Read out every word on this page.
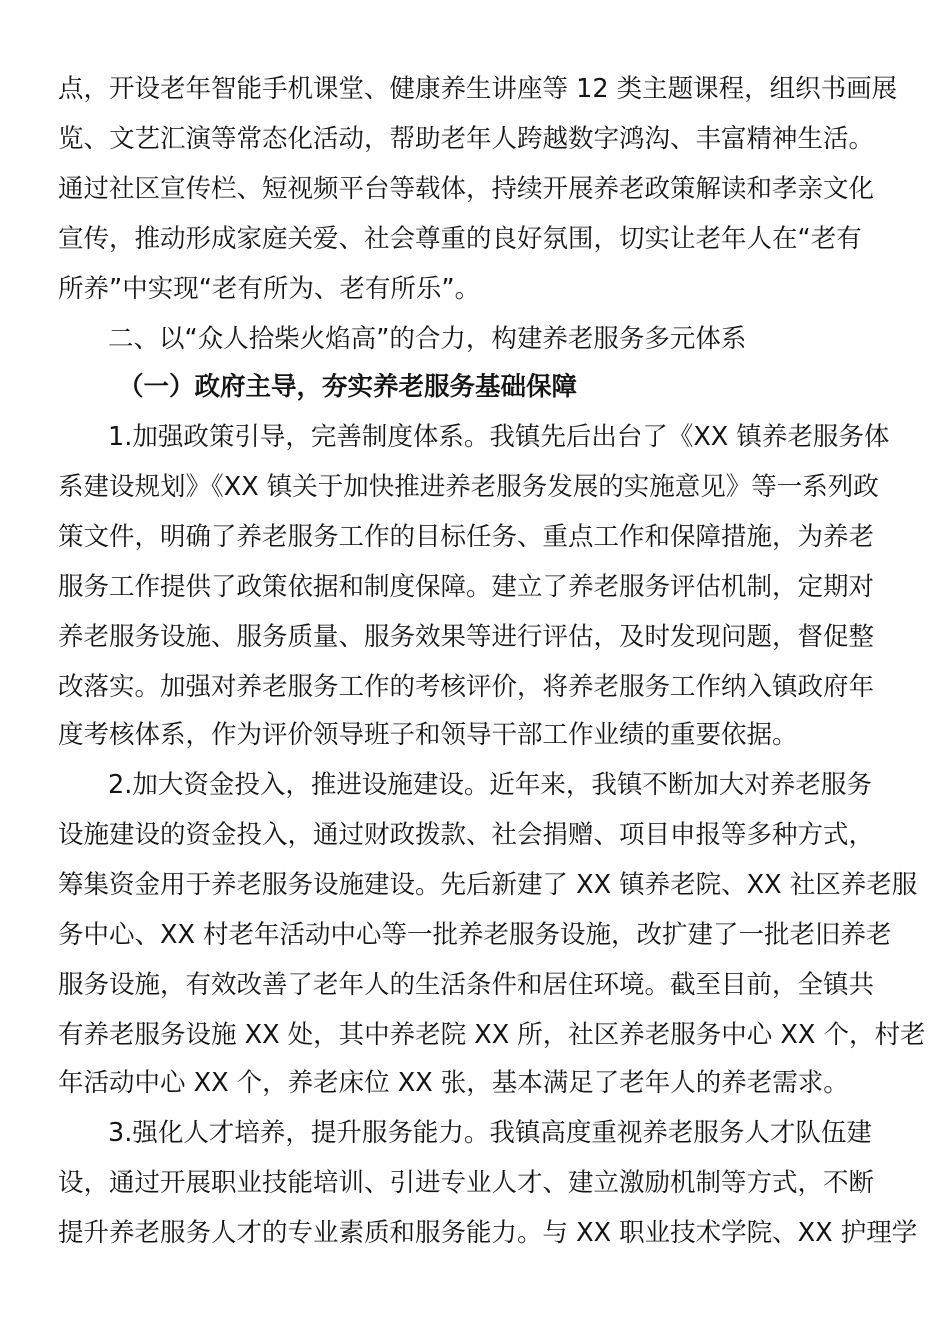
点，开设老年智能手机课堂、健康养生讲座等 12 类主题课程，组织书画展
览、文艺汇演等常态化活动，帮助老年人跨越数字鸿沟、丰富精神生活。
通过社区宣传栏、短视频平台等载体，持续开展养老政策解读和孝亲文化
宣传，推动形成家庭关爱、社会尊重的良好氛围，切实让老年人在“老有
所养”中实现“老有所为、老有所乐”。
二、以“众人拾柴火焰高”的合力，构建养老服务多元体系
（一）政府主导，夯实养老服务基础保障
1.加强政策引导，完善制度体系。我镇先后出台了《XX 镇养老服务体
系建设规划》《XX 镇关于加快推进养老服务发展的实施意见》等一系列政
策文件，明确了养老服务工作的目标任务、重点工作和保障措施，为养老
服务工作提供了政策依据和制度保障。建立了养老服务评估机制，定期对
养老服务设施、服务质量、服务效果等进行评估，及时发现问题，督促整
改落实。加强对养老服务工作的考核评价，将养老服务工作纳入镇政府年
度考核体系，作为评价领导班子和领导干部工作业绩的重要依据。
2.加大资金投入，推进设施建设。近年来，我镇不断加大对养老服务
设施建设的资金投入，通过财政拨款、社会捐赠、项目申报等多种方式，
筹集资金用于养老服务设施建设。先后新建了 XX 镇养老院、XX 社区养老服
务中心、XX 村老年活动中心等一批养老服务设施，改扩建了一批老旧养老
服务设施，有效改善了老年人的生活条件和居住环境。截至目前，全镇共
有养老服务设施 XX 处，其中养老院 XX 所，社区养老服务中心 XX 个，村老
年活动中心 XX 个，养老床位 XX 张，基本满足了老年人的养老需求。
3.强化人才培养，提升服务能力。我镇高度重视养老服务人才队伍建
设，通过开展职业技能培训、引进专业人才、建立激励机制等方式，不断
提升养老服务人才的专业素质和服务能力。与 XX 职业技术学院、XX 护理学
